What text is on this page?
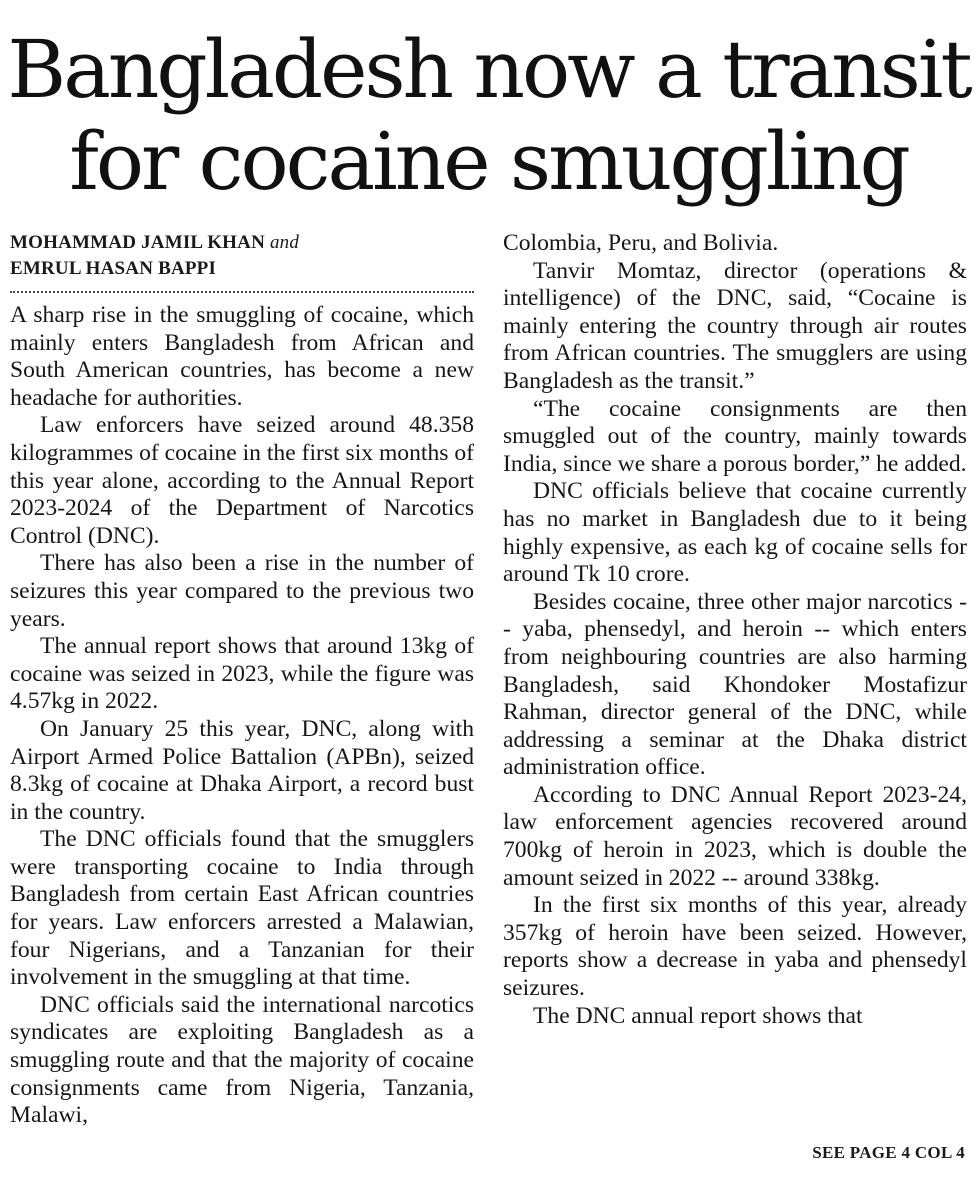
Bangladesh now a transit
for cocaine smuggling
MOHAMMAD JAMIL KHAN and
EMRUL HASAN BAPPI

A sharp rise in the smuggling of cocaine, which mainly enters Bangladesh from African and South American countries, has become a new headache for authorities.

Law enforcers have seized around 48.358 kilogrammes of cocaine in the first six months of this year alone, according to the Annual Report 2023-2024 of the Department of Narcotics Control (DNC).

There has also been a rise in the number of seizures this year compared to the previous two years.

The annual report shows that around 13kg of cocaine was seized in 2023, while the figure was 4.57kg in 2022.

On January 25 this year, DNC, along with Airport Armed Police Battalion (APBn), seized 8.3kg of cocaine at Dhaka Airport, a record bust in the country.

The DNC officials found that the smugglers were transporting cocaine to India through Bangladesh from certain East African countries for years. Law enforcers arrested a Malawian, four Nigerians, and a Tanzanian for their involvement in the smuggling at that time.

DNC officials said the international narcotics syndicates are exploiting Bangladesh as a smuggling route and that the majority of cocaine consignments came from Nigeria, Tanzania, Malawi,

Colombia, Peru, and Bolivia.

Tanvir Momtaz, director (operations & intelligence) of the DNC, said, “Cocaine is mainly entering the country through air routes from African countries. The smugglers are using Bangladesh as the transit.”

“The cocaine consignments are then smuggled out of the country, mainly towards India, since we share a porous border,” he added.

DNC officials believe that cocaine currently has no market in Bangladesh due to it being highly expensive, as each kg of cocaine sells for around Tk 10 crore.

Besides cocaine, three other major narcotics -- yaba, phensedyl, and heroin -- which enters from neighbouring countries are also harming Bangladesh, said Khondoker Mostafizur Rahman, director general of the DNC, while addressing a seminar at the Dhaka district administration office.

According to DNC Annual Report 2023-24, law enforcement agencies recovered around 700kg of heroin in 2023, which is double the amount seized in 2022 -- around 338kg.

In the first six months of this year, already 357kg of heroin have been seized. However, reports show a decrease in yaba and phensedyl seizures.

The DNC annual report shows that

SEE PAGE 4 COL 4
